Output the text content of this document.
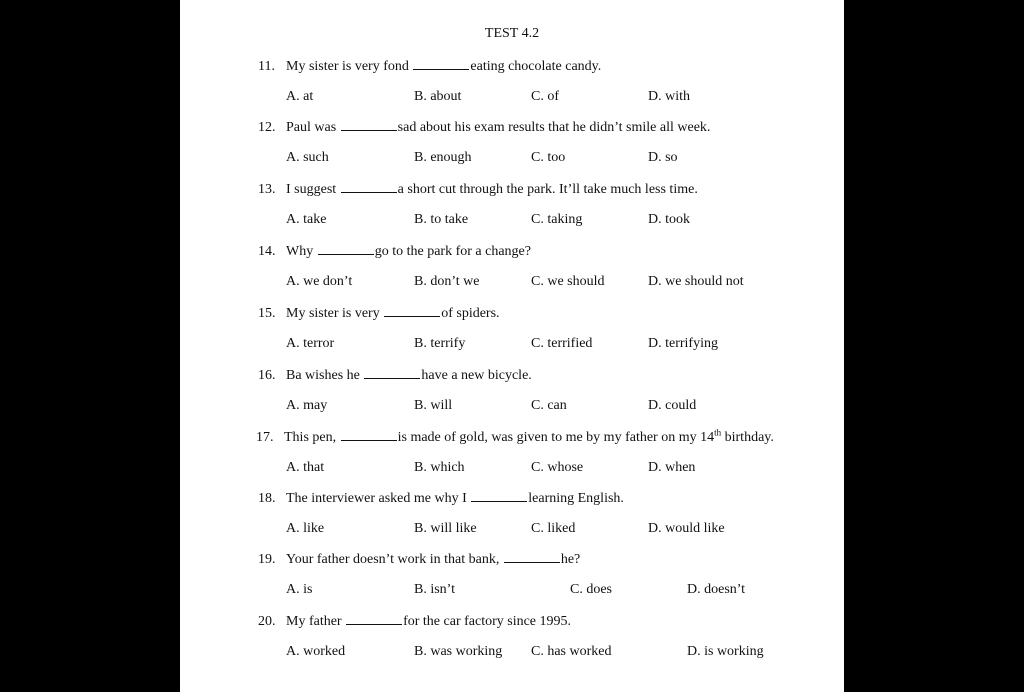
TEST 4.2
11. My sister is very fond	eating chocolate candy.
A. at	B. about	C. of	D. with
12. Paul was	sad about his exam results that he didn’t smile all week.
A. such	B. enough	C. too	D. so
13. I suggest	a short cut through the park. It’ll take much less time.
A. take	B. to take	C. taking	D. took
14. Why	go to the park for a change?
A. we don’t	B. don’t we	C. we should	D. we should not
15. My sister is very	of spiders.
A. terror	B. terrify	C. terrified	D. terrifying
16. Ba wishes he	have a new bicycle.
A. may	B. will	C. can	D. could
17. This pen,	is made of gold, was given to me by my father on my 14th birthday.
A. that	B. which	C. whose	D. when
18. The interviewer asked me why I	learning English.
A. like	B. will like	C. liked	D. would like
19. Your father doesn’t work in that bank,	he?
A. is	B. isn’t	C. does	D. doesn’t
20. My father	for the car factory since 1995.
A. worked	B. was working C. has worked	D. is working
